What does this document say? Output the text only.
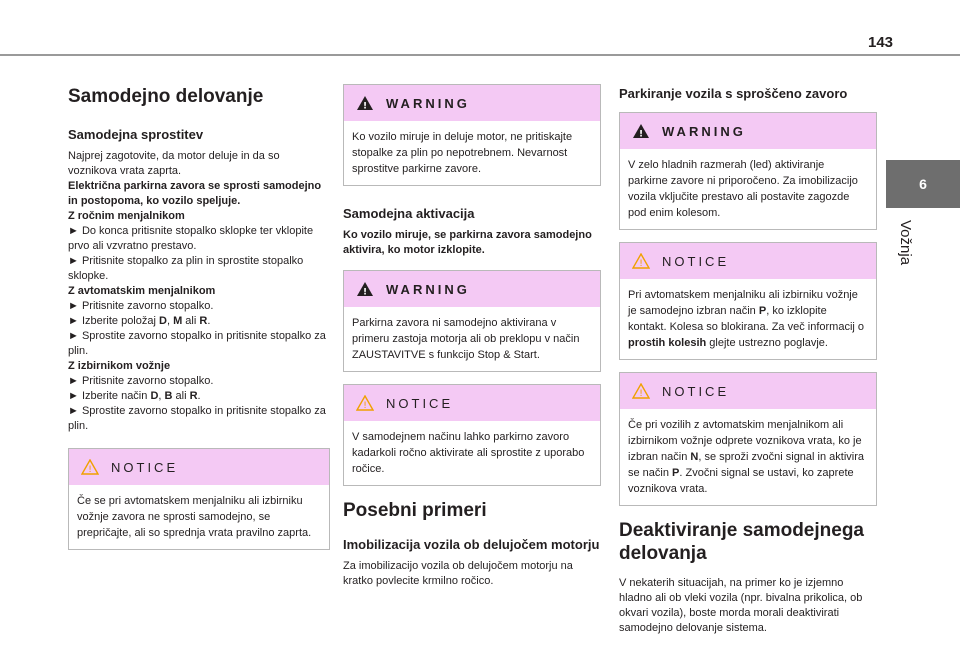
143
6
Vožnja
Samodejno delovanje
Samodejna sprostitev

Najprej zagotovite, da motor deluje in da so voznikova vrata zaprta.

Električna parkirna zavora se sprosti samodejno in postopoma, ko vozilo speljuje.

Z ročnim menjalnikom

► Do konca pritisnite stopalko sklopke ter vklopite prvo ali vzvratno prestavo.

► Pritisnite stopalko za plin in sprostite stopalko sklopke.

Z avtomatskim menjalnikom

► Pritisnite zavorno stopalko.

► Izberite položaj D, M ali R.

► Sprostite zavorno stopalko in pritisnite stopalko za plin.

Z izbirnikom vožnje

► Pritisnite zavorno stopalko.

► Izberite način D, B ali R.

► Sprostite zavorno stopalko in pritisnite stopalko za plin.

! NOTICE
Če se pri avtomatskem menjalniku ali izbirniku vožnje zavora ne sprosti samodejno, se prepričajte, ali so sprednja vrata pravilno zaprta.
! WARNING
Ko vozilo miruje in deluje motor, ne pritiskajte stopalke za plin po nepotrebnem. Nevarnost sprostitve parkirne zavore.
Samodejna aktivacija

Ko vozilo miruje, se parkirna zavora samodejno aktivira, ko motor izklopite.

! WARNING
Parkirna zavora ni samodejno aktivirana v primeru zastoja motorja ali ob preklopu v način ZAUSTAVITVE s funkcijo Stop & Start.
! NOTICE
V samodejnem načinu lahko parkirno zavoro kadarkoli ročno aktivirate ali sprostite z uporabo ročice.
Posebni primeri
Imobilizacija vozila ob delujočem motorju

Za imobilizacijo vozila ob delujočem motorju na kratko povlecite krmilno ročico.

Parkiranje vozila s sproščeno zavoro
! WARNING
V zelo hladnih razmerah (led) aktiviranje parkirne zavore ni priporočeno. Za imobilizacijo vozila vključite prestavo ali postavite zagozde pod enim kolesom.
! NOTICE
Pri avtomatskem menjalniku ali izbirniku vožnje je samodejno izbran način P, ko izklopite kontakt. Kolesa so blokirana. Za več informacij o prostih kolesih glejte ustrezno poglavje.
! NOTICE
Če pri vozilih z avtomatskim menjalnikom ali izbirnikom vožnje odprete voznikova vrata, ko je izbran način N, se sproži zvočni signal in aktivira se način P. Zvočni signal se ustavi, ko zaprete voznikova vrata.
Deaktiviranje samodejnega delovanja

V nekaterih situacijah, na primer ko je izjemno hladno ali ob vleki vozila (npr. bivalna prikolica, ob okvari vozila), boste morda morali deaktivirati samodejno delovanje sistema.
